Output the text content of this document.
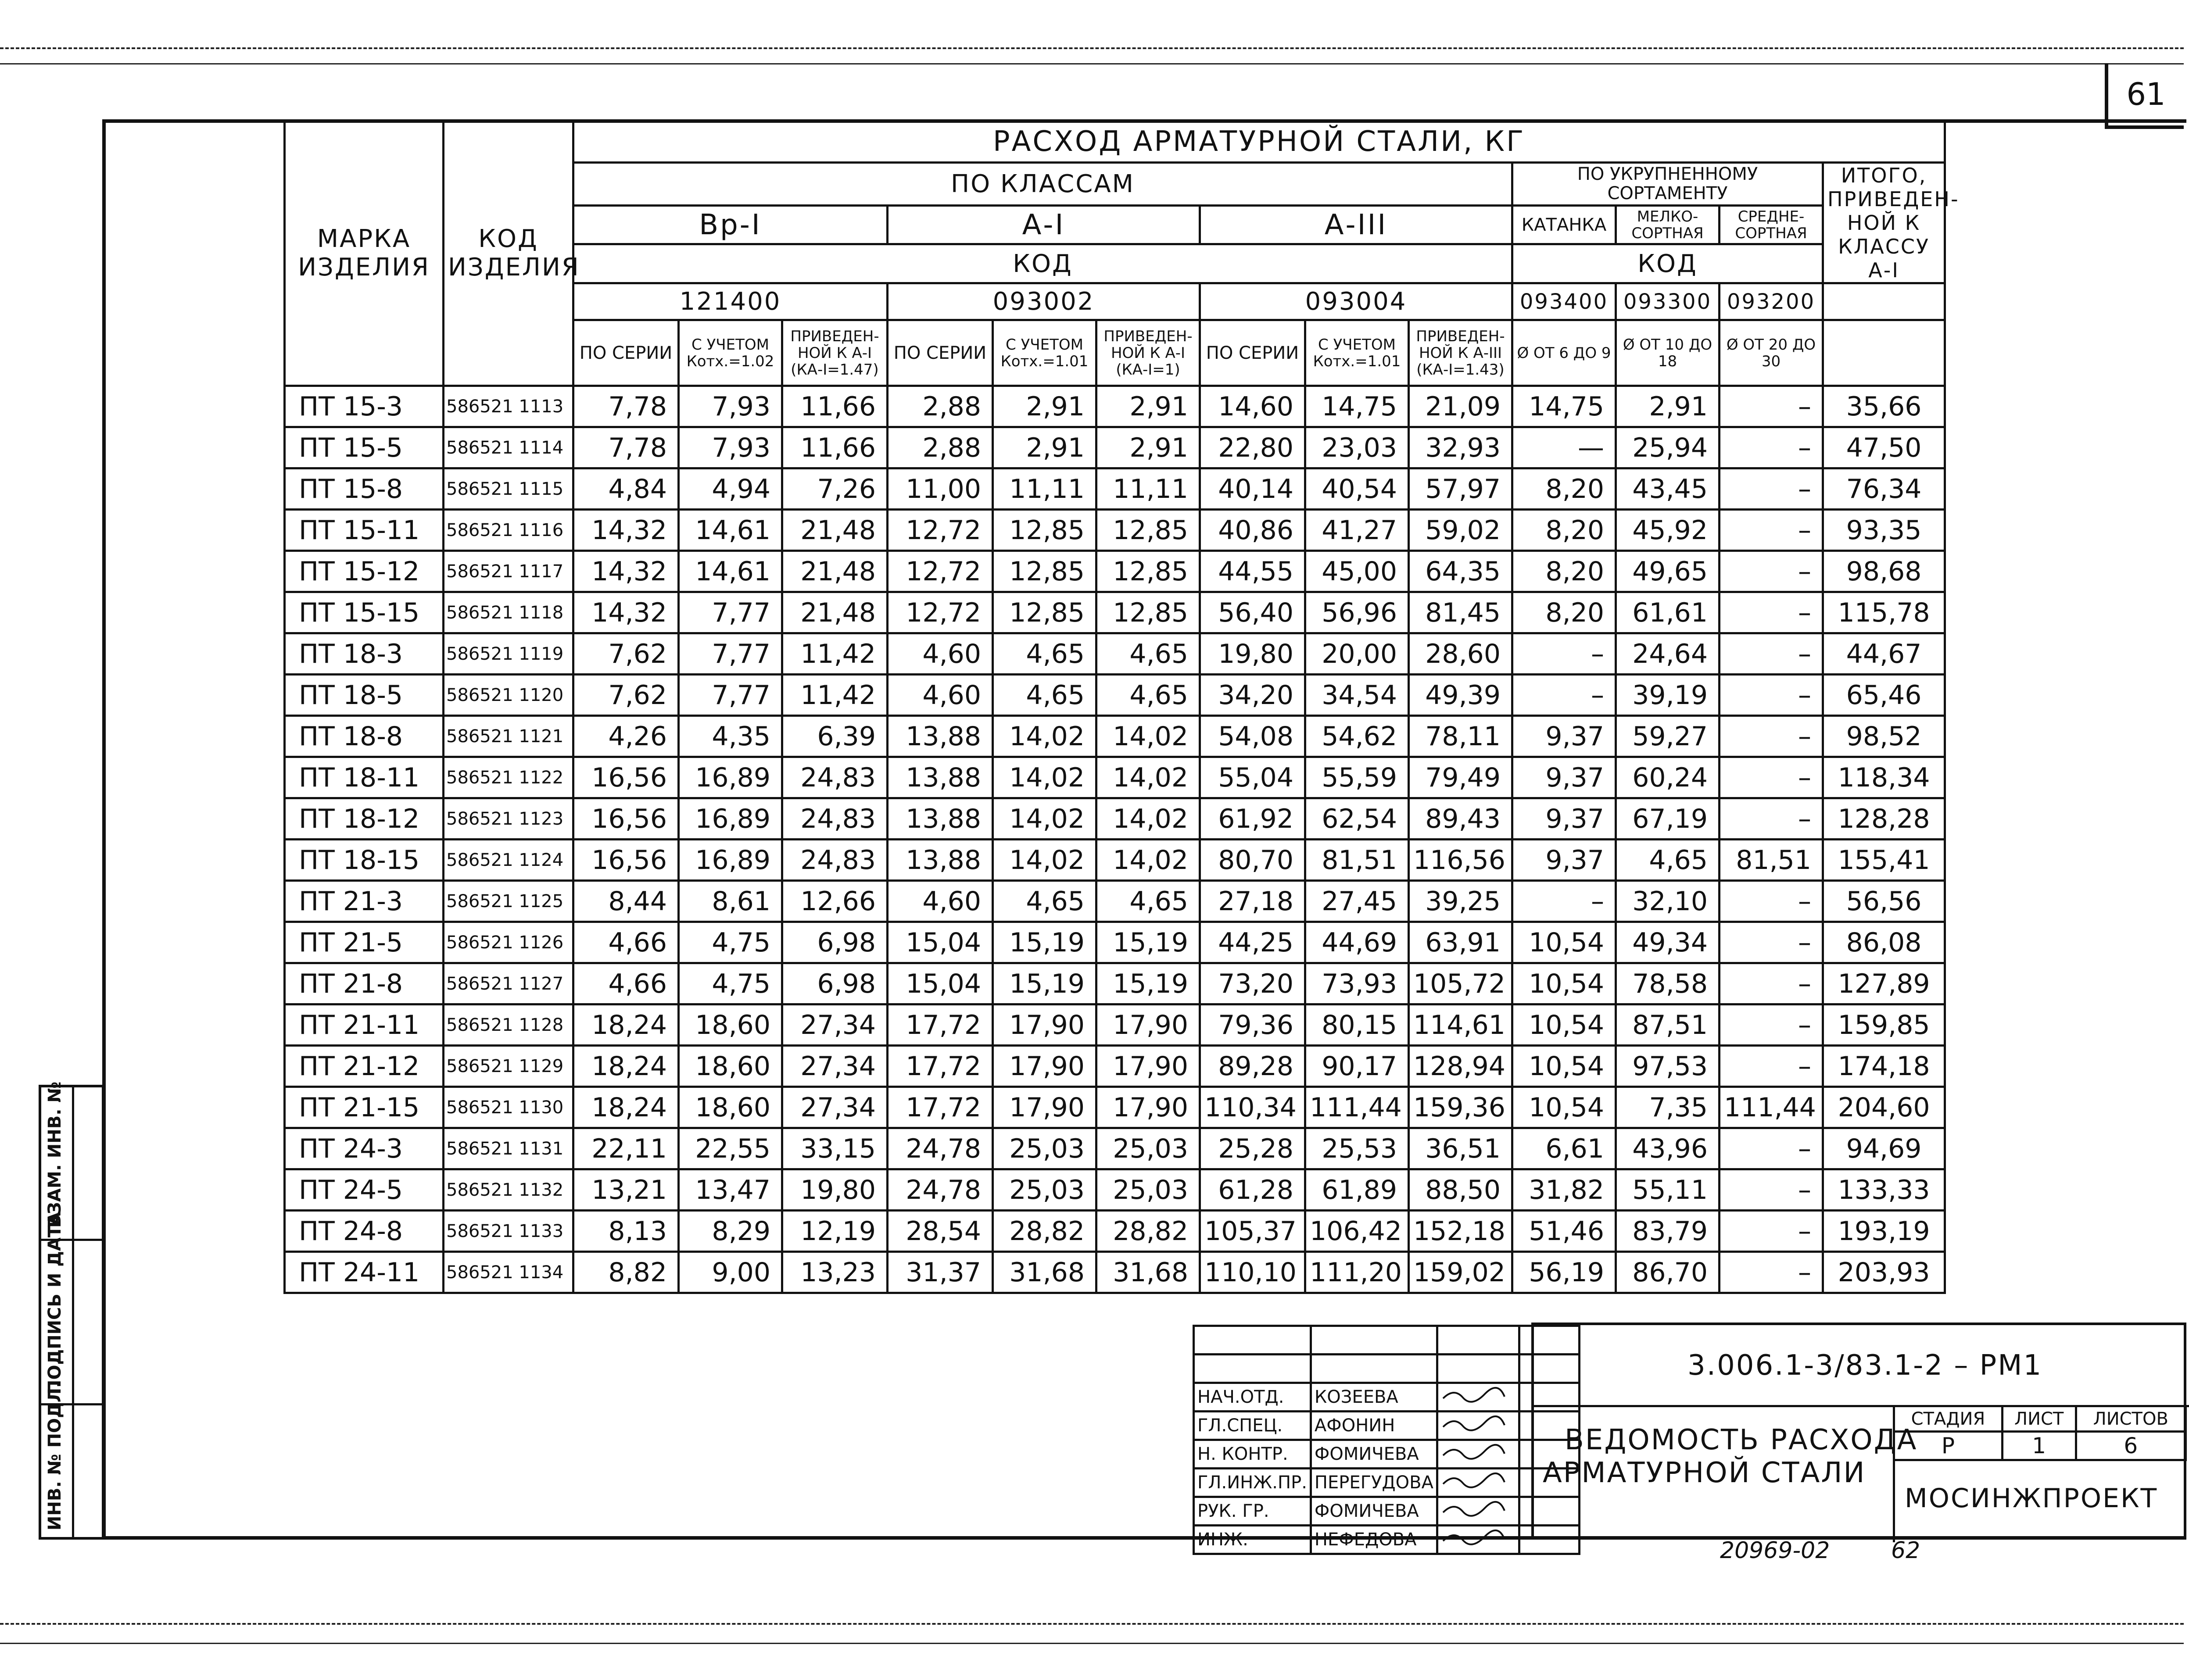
61
МАРКА ИЗДЕЛИЯ	КОД ИЗДЕЛИЯ	РАСХОД АРМАТУРНОЙ СТАЛИ, КГ												
		ПО КЛАССАМ									ПО УКРУПНЕННОМУ СОРТАМЕНТУ			ИТОГО, ПРИВЕДЕН-НОЙ К КЛАССУ А-I
		Вр-I			А-I			А-III			КАТАНКА	МЕЛКО-СОРТНАЯ	СРЕДНЕ-СОРТНАЯ	
		КОД									КОД			
		121400			093002			093004			093400	093300	093200	
		ПО СЕРИИ	С УЧЕТОМ Котх.=1.02	ПРИВЕДЕН-НОЙ К А-I (КА-I=1.47)	ПО СЕРИИ	С УЧЕТОМ Котх.=1.01	ПРИВЕДЕН-НОЙ К А-I (КА-I=1)	ПО СЕРИИ	С УЧЕТОМ Котх.=1.01	ПРИВЕДЕН-НОЙ К А-III (КА-I=1.43)	Ø ОТ 6 ДО 9	Ø ОТ 10 ДО 18	Ø ОТ 20 ДО 30	
ПТ 15-3	586521 1113	7,78	7,93	11,66	2,88	2,91	2,91	14,60	14,75	21,09	14,75	2,91	–	35,66
ПТ 15-5	586521 1114	7,78	7,93	11,66	2,88	2,91	2,91	22,80	23,03	32,93	—	25,94	–	47,50
ПТ 15-8	586521 1115	4,84	4,94	7,26	11,00	11,11	11,11	40,14	40,54	57,97	8,20	43,45	–	76,34
ПТ 15-11	586521 1116	14,32	14,61	21,48	12,72	12,85	12,85	40,86	41,27	59,02	8,20	45,92	–	93,35
ПТ 15-12	586521 1117	14,32	14,61	21,48	12,72	12,85	12,85	44,55	45,00	64,35	8,20	49,65	–	98,68
ПТ 15-15	586521 1118	14,32	7,77	21,48	12,72	12,85	12,85	56,40	56,96	81,45	8,20	61,61	–	115,78
ПТ 18-3	586521 1119	7,62	7,77	11,42	4,60	4,65	4,65	19,80	20,00	28,60	–	24,64	–	44,67
ПТ 18-5	586521 1120	7,62	7,77	11,42	4,60	4,65	4,65	34,20	34,54	49,39	–	39,19	–	65,46
ПТ 18-8	586521 1121	4,26	4,35	6,39	13,88	14,02	14,02	54,08	54,62	78,11	9,37	59,27	–	98,52
ПТ 18-11	586521 1122	16,56	16,89	24,83	13,88	14,02	14,02	55,04	55,59	79,49	9,37	60,24	–	118,34
ПТ 18-12	586521 1123	16,56	16,89	24,83	13,88	14,02	14,02	61,92	62,54	89,43	9,37	67,19	–	128,28
ПТ 18-15	586521 1124	16,56	16,89	24,83	13,88	14,02	14,02	80,70	81,51	116,56	9,37	4,65	81,51	155,41
ПТ 21-3	586521 1125	8,44	8,61	12,66	4,60	4,65	4,65	27,18	27,45	39,25	–	32,10	–	56,56
ПТ 21-5	586521 1126	4,66	4,75	6,98	15,04	15,19	15,19	44,25	44,69	63,91	10,54	49,34	–	86,08
ПТ 21-8	586521 1127	4,66	4,75	6,98	15,04	15,19	15,19	73,20	73,93	105,72	10,54	78,58	–	127,89
ПТ 21-11	586521 1128	18,24	18,60	27,34	17,72	17,90	17,90	79,36	80,15	114,61	10,54	87,51	–	159,85
ПТ 21-12	586521 1129	18,24	18,60	27,34	17,72	17,90	17,90	89,28	90,17	128,94	10,54	97,53	–	174,18
ПТ 21-15	586521 1130	18,24	18,60	27,34	17,72	17,90	17,90	110,34	111,44	159,36	10,54	7,35	111,44	204,60
ПТ 24-3	586521 1131	22,11	22,55	33,15	24,78	25,03	25,03	25,28	25,53	36,51	6,61	43,96	–	94,69
ПТ 24-5	586521 1132	13,21	13,47	19,80	24,78	25,03	25,03	61,28	61,89	88,50	31,82	55,11	–	133,33
ПТ 24-8	586521 1133	8,13	8,29	12,19	28,54	28,82	28,82	105,37	106,42	152,18	51,46	83,79	–	193,19
ПТ 24-11	586521 1134	8,82	9,00	13,23	31,37	31,68	31,68	110,10	111,20	159,02	56,19	86,70	–	203,93
ВЗАМ. ИНВ. №
ПОДПИСЬ И ДАТА
ИНВ. № ПОДЛ.

				НАЧ.ОТД.	КОЗЕЕВА		
ГЛ.СПЕЦ.	АФОНИН		
Н. КОНТР.	ФОМИЧЕВА		
ГЛ.ИНЖ.ПР.	ПЕРЕГУДОВА		
РУК. ГР.	ФОМИЧЕВА		
ИНЖ.	НЕФЕДОВА		
3.006.1-3/83.1-2 – РМ1
ВЕДОМОСТЬ РАСХОДА
АРМАТУРНОЙ СТАЛИ
СТАДИЯ	ЛИСТ	ЛИСТОВ
Р	1	6
МОСИНЖПРОЕКТ
20969-02	62
